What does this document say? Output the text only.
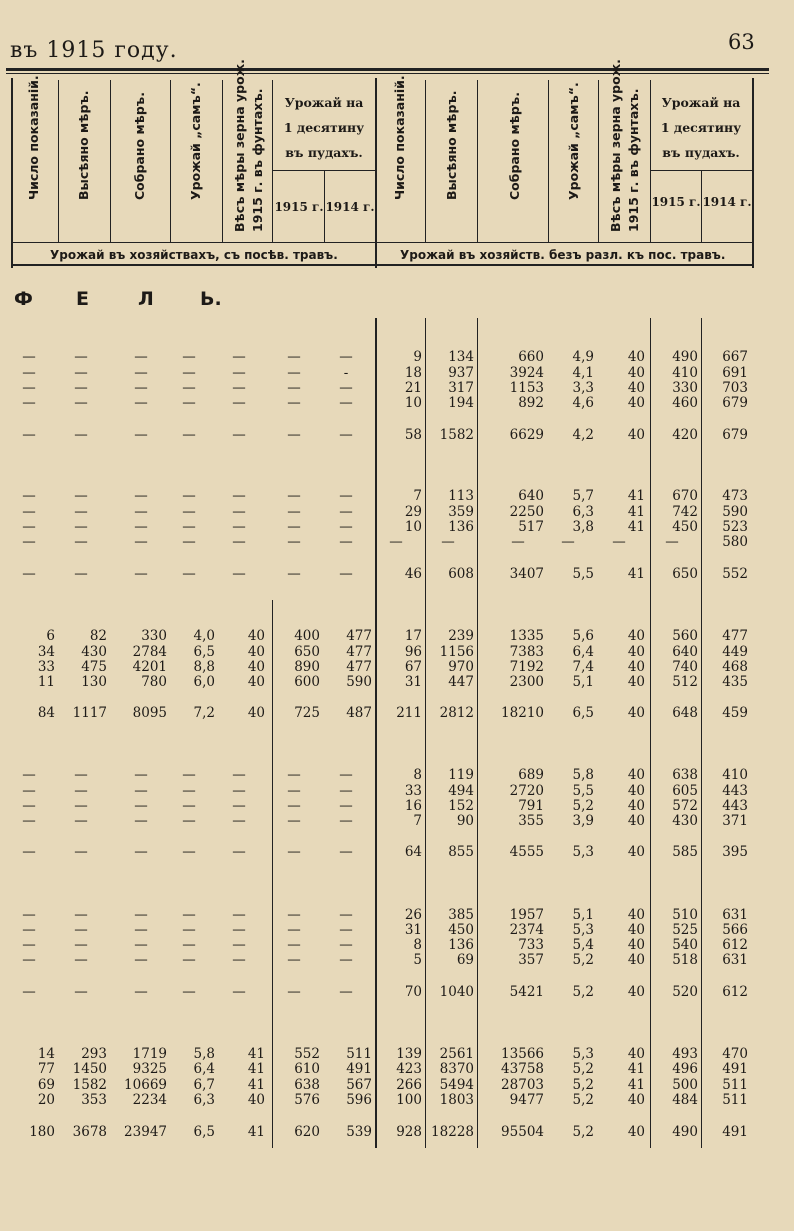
въ 1915 году.	63
Число показаній.	Высѣяно мѣръ.	Собрано мѣръ.	Урожай „самъ“. Вѣсъ мѣры зерна урож. 1915 г. въ фунтахъ.	Урожай на
1 десятину
въ пудахъ.
1915 г. 1914 г.
Число показаній.	Высѣяно мѣръ.	Собрано мѣръ.	Урожай „самъ“. Вѣсъ мѣры зерна урож. 1915 г. въ фунтахъ.	Урожай на
1 десятину
въ пудахъ.
1915 г. 1914 г.
Урожай въ хозяйствахъ, съ посѣв. травъ.	Урожай въ хозяйств. безъ разл. къ пос. травъ.
Ф Е	Л Ь.
—	—	—	—	—	—	—	9	134	660	4,9	40	490	667
—	—	—	—	—	—	-	18	937	3924	4,1	40	410	691
—	—	—	—	—	—	—	21	317	1153	3,3	40	330	703
—	—	—	—	—	—	—	10	194	892	4,6	40	460	679
—	—	—	—	—	—	—	58	1582	6629	4,2	40	420	679
—	—	—	—	—	—	—	7	113	640	5,7	41	670	473
—	—	—	—	—	—	—	29	359	2250	6,3	41	742	590
—	—	—	—	—	—	—	10	136	517	3,8	41	450	523
—	—	—	—	—	—	—	—	—	—	—	—	—	580
—	—	—	—	—	—	—	46	608	3407	5,5	41	650	552
6	82	330	4,0	40	400	477	17	239	1335	5,6	40	560	477
34	430	2784	6,5	40	650	477	96	1156	7383	6,4	40	640	449
33	475	4201	8,8	40	890	477	67	970	7192	7,4	40	740	468
11	130	780	6,0	40	600	590	31	447	2300	5,1	40	512	435
84	1117	8095	7,2	40	725	487	211	2812	18210	6,5	40	648	459
—	—	—	—	—	—	—	8	119	689	5,8	40	638	410
—	—	—	—	—	—	—	33	494	2720	5,5	40	605	443
—	—	—	—	—	—	—	16	152	791	5,2	40	572	443
—	—	—	—	—	—	—	7	90	355	3,9	40	430	371
—	—	—	—	—	—	—	64	855	4555	5,3	40	585	395
—	—	—	—	—	—	—	26	385	1957	5,1	40	510	631
—	—	—	—	—	—	—	31	450	2374	5,3	40	525	566
—	—	—	—	—	—	—	8	136	733	5,4	40	540	612
—	—	—	—	—	—	—	5	69	357	5,2	40	518	631
—	—	—	—	—	—	—	70	1040	5421	5,2	40	520	612
14	293	1719	5,8	41	552	511	139	2561	13566	5,3	40	493	470
77	1450	9325	6,4	41	610	491	423	8370	43758	5,2	41	496	491
69	1582	10669	6,7	41	638	567	266	5494	28703	5,2	41	500	511
20	353	2234	6,3	40	576	596	100	1803	9477	5,2	40	484	511
180	3678	23947	6,5	41	620	539	928 18228	95504	5,2	40	490	491
